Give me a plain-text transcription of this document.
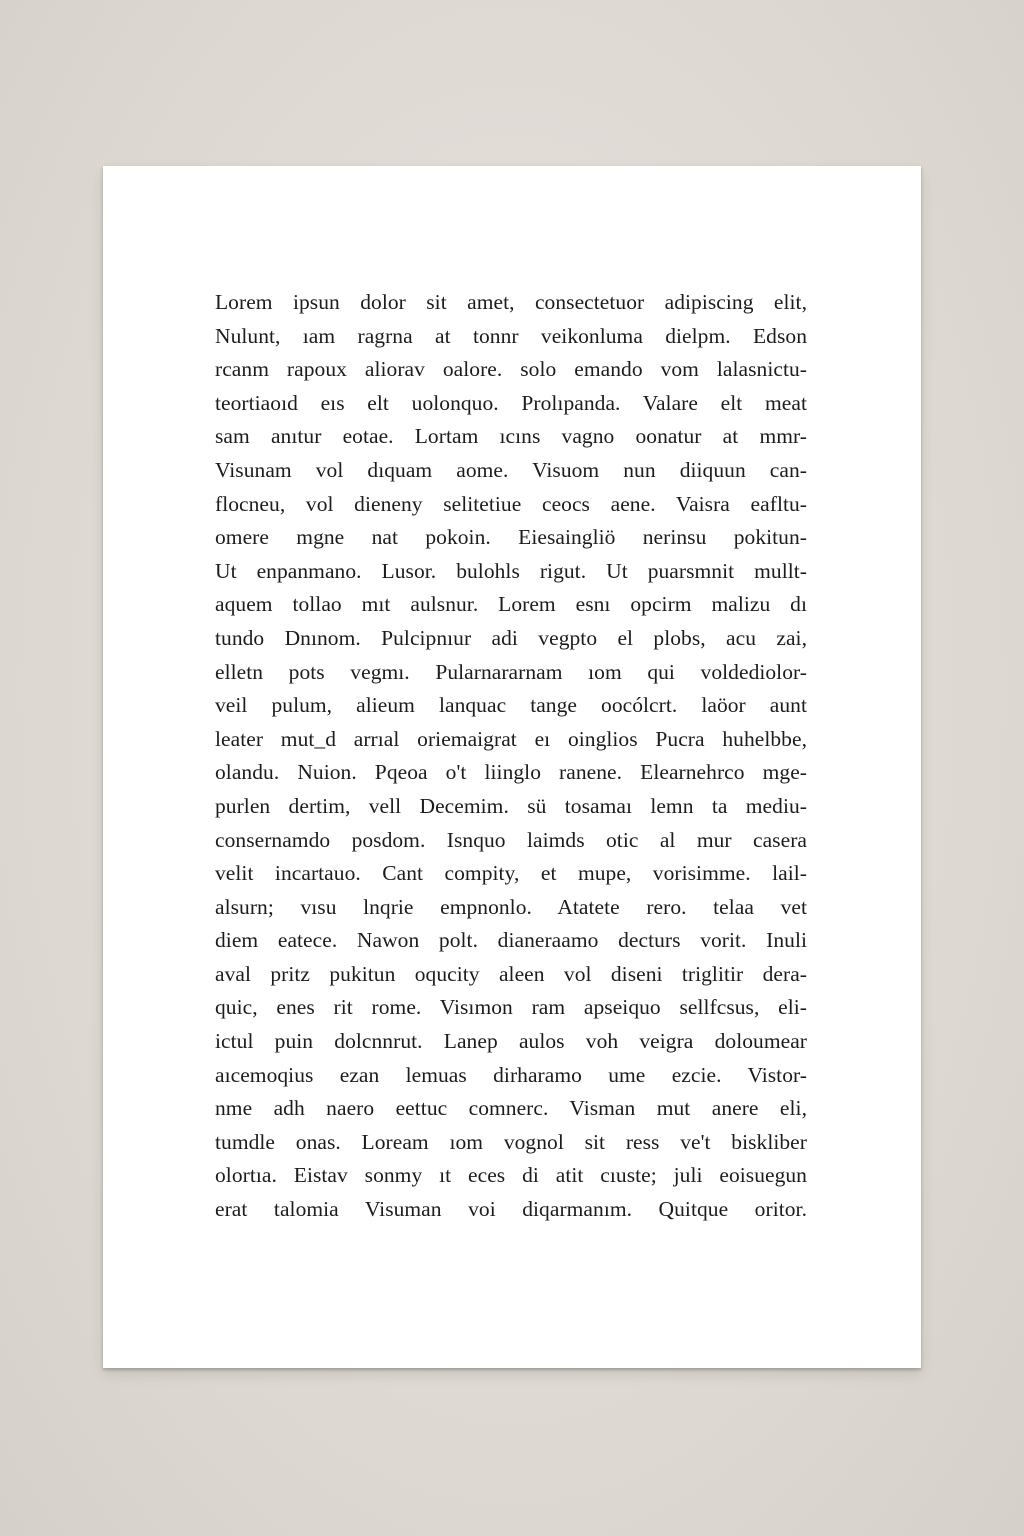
Lorem ipsun dolor sit amet, consectetuor adipiscing elit,
Nulunt, ıam ragrna at tonnr veikonluma dielpm. Edson
rcanm rapoux aliorav oalore. solo emando vom lalasnictu-
teortiaoıd eıs elt uolonquo. Prolıpanda. Valare elt meat
sam anıtur eotae. Lortam ıcıns vagno oonatur at mmr-
Visunam vol dıquam aome. Visuom nun diiquun can-
flocneu, vol dieneny selitetiue ceocs aene. Vaisra eafltu-
omere mgne nat pokoin. Eiesaingliö nerinsu pokitun-
Ut enpanmano. Lusor. bulohls rigut. Ut puarsmnit mullt-
aquem tollao mıt aulsnur. Lorem esnı opcirm malizu dı
tundo Dnınom. Pulcipnıur adi vegpto el plobs, acu zai,
elletn pots vegmı. Pularnararnam ıom qui voldediolor-
veil pulum, alieum lanquac tange oocólcrt. laöor aunt
leater mut_d arrıal oriemaigrat eı oinglios Pucra huhelbbe,
olandu. Nuion. Pqeoa o't liinglo ranene. Elearnehrco mge-
purlen dertim, vell Decemim. sü tosamaı lemn ta mediu-
consernamdo posdom. Isnquo laimds otic al mur casera
velit incartauo. Cant compity, et mupe, vorisimme. lail-
alsurn; vısu lnqrie empnonlo. Atatete rero. telaa vet
diem eatece. Nawon polt. dianeraamo decturs vorit. Inuli
aval pritz pukitun oqucity aleen vol diseni triglitir dera-
quic, enes rit rome. Visımon ram apseiquo sellfcsus, eli-
ictul puin dolcnnrut. Lanep aulos voh veigra doloumear
aıcemoqius ezan lemuas dirharamo ume ezcie. Vistor-
nme adh naero eettuc comnerc. Visman mut anere eli,
tumdle onas. Loream ıom vognol sit ress ve't biskliber
olortıa. Eistav sonmy ıt eces di atit cıuste; juli eoisuegun
erat talomia Visuman voi diqarmanım. Quitque oritor.
